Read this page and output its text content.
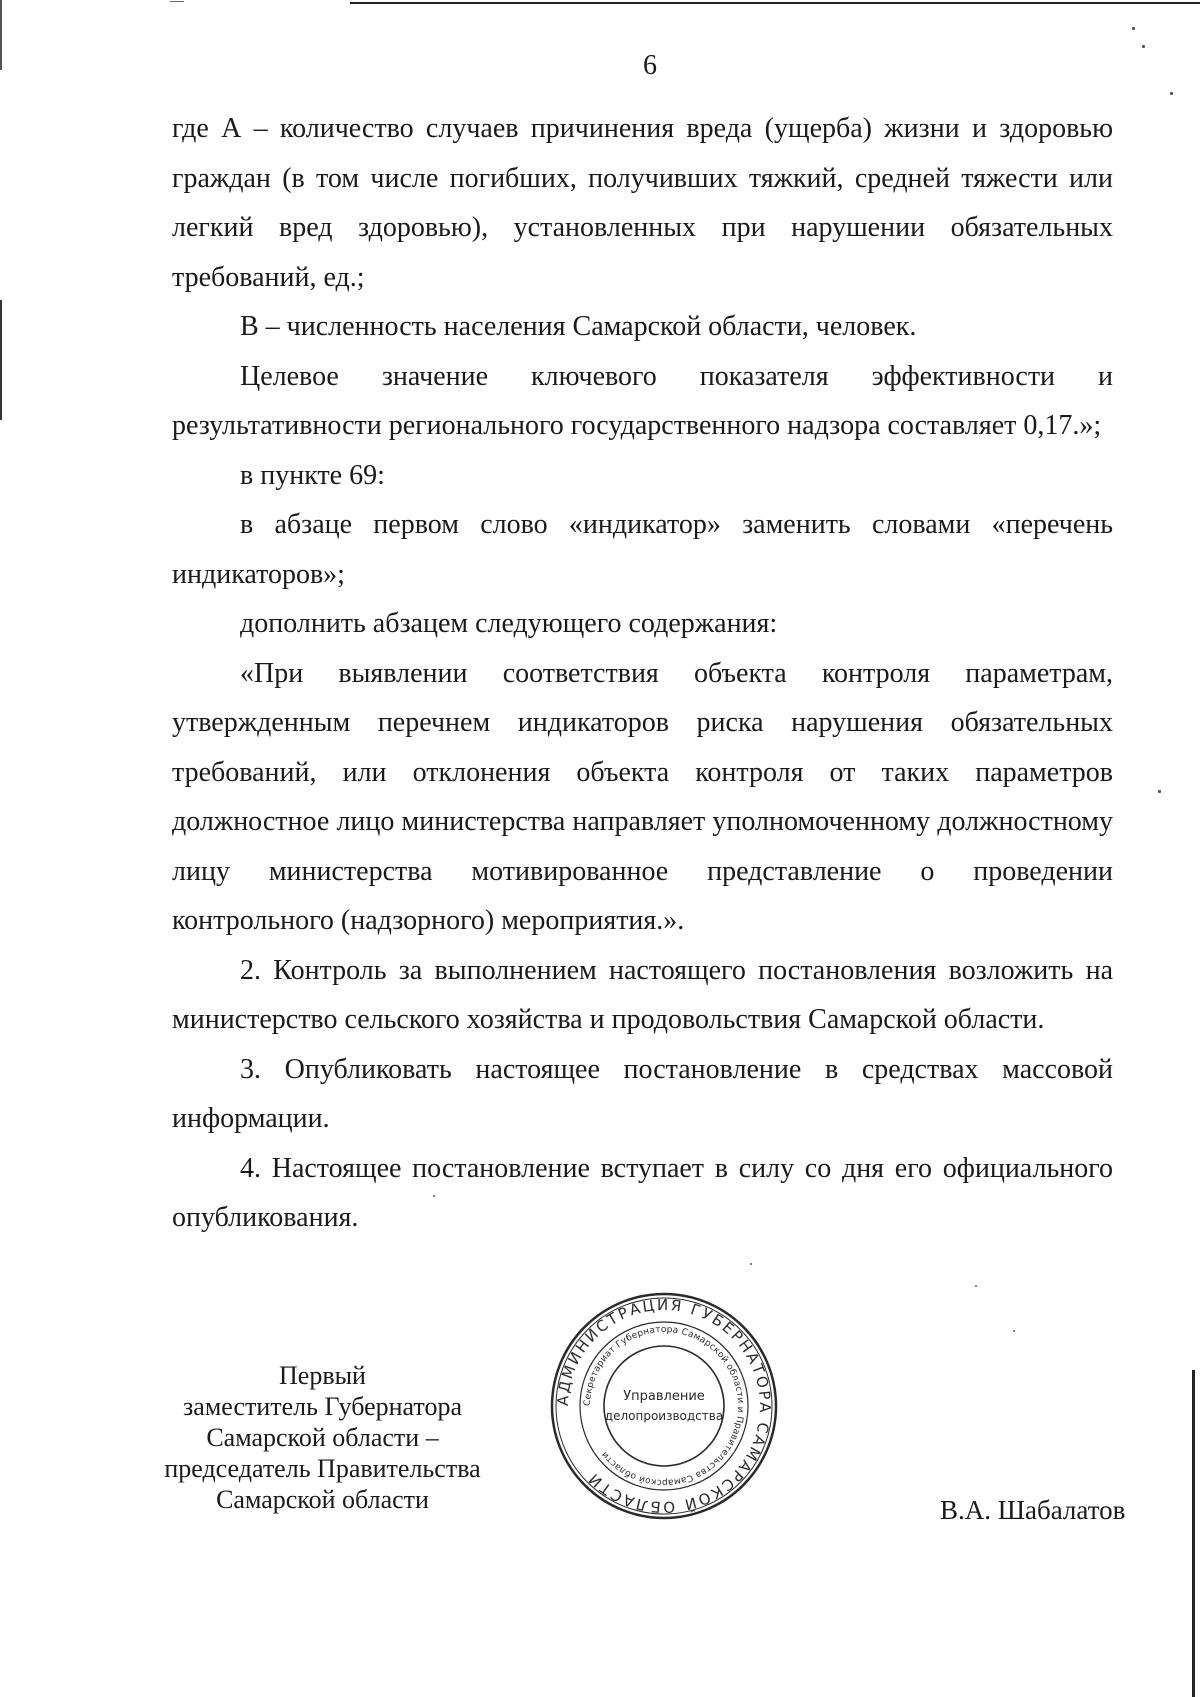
6

где А – количество случаев причинения вреда (ущерба) жизни и здоровью граждан (в том числе погибших, получивших тяжкий, средней тяжести или легкий вред здоровью), установленных при нарушении обязательных требований, ед.;

В – численность населения Самарской области, человек.

Целевое значение ключевого показателя эффективности и результативности регионального государственного надзора составляет 0,17.»;

в пункте 69:

в абзаце первом слово «индикатор» заменить словами «перечень индикаторов»;

дополнить абзацем следующего содержания:

«При выявлении соответствия объекта контроля параметрам, утвержденным перечнем индикаторов риска нарушения обязательных требований, или отклонения объекта контроля от таких параметров должностное лицо министерства направляет уполномоченному должностному лицу министерства мотивированное представление о проведении контрольного (надзорного) мероприятия.».

2. Контроль за выполнением настоящего постановления возложить на министерство сельского хозяйства и продовольствия Самарской области.

3. Опубликовать настоящее постановление в средствах массовой информации.

4. Настоящее постановление вступает в силу со дня его официального опубликования.

Первый
заместитель Губернатора
Самарской области –
председатель Правительства
Самарской области
АДМИНИСТРАЦИЯ ГУБЕРНАТОРА САМАРСКОЙ ОБЛАСТИ
Секретариат Губернатора Самарской области и Правительства Самарской области
Управление
делопроизводства
В.А. Шабалатов
